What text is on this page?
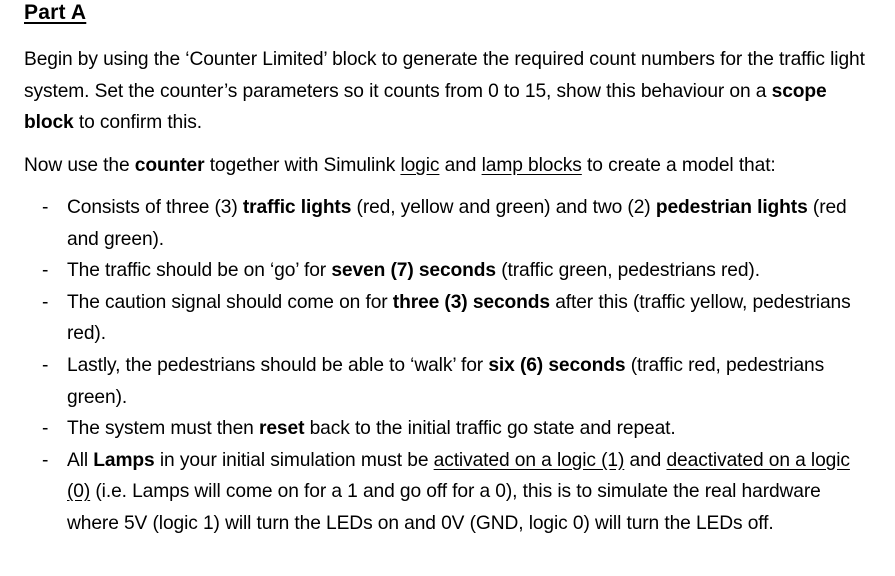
Part A
Begin by using the ‘Counter Limited’ block to generate the required count numbers for the traffic light system. Set the counter’s parameters so it counts from 0 to 15, show this behaviour on a scope block to confirm this.
Now use the counter together with Simulink logic and lamp blocks to create a model that:
- Consists of three (3) traffic lights (red, yellow and green) and two (2) pedestrian lights (red and green).
- The traffic should be on ‘go’ for seven (7) seconds (traffic green, pedestrians red).
- The caution signal should come on for three (3) seconds after this (traffic yellow, pedestrians red).
- Lastly, the pedestrians should be able to ‘walk’ for six (6) seconds (traffic red, pedestrians green).
- The system must then reset back to the initial traffic go state and repeat.
- All Lamps in your initial simulation must be activated on a logic (1) and deactivated on a logic (0) (i.e. Lamps will come on for a 1 and go off for a 0), this is to simulate the real hardware where 5V (logic 1) will turn the LEDs on and 0V (GND, logic 0) will turn the LEDs off.
